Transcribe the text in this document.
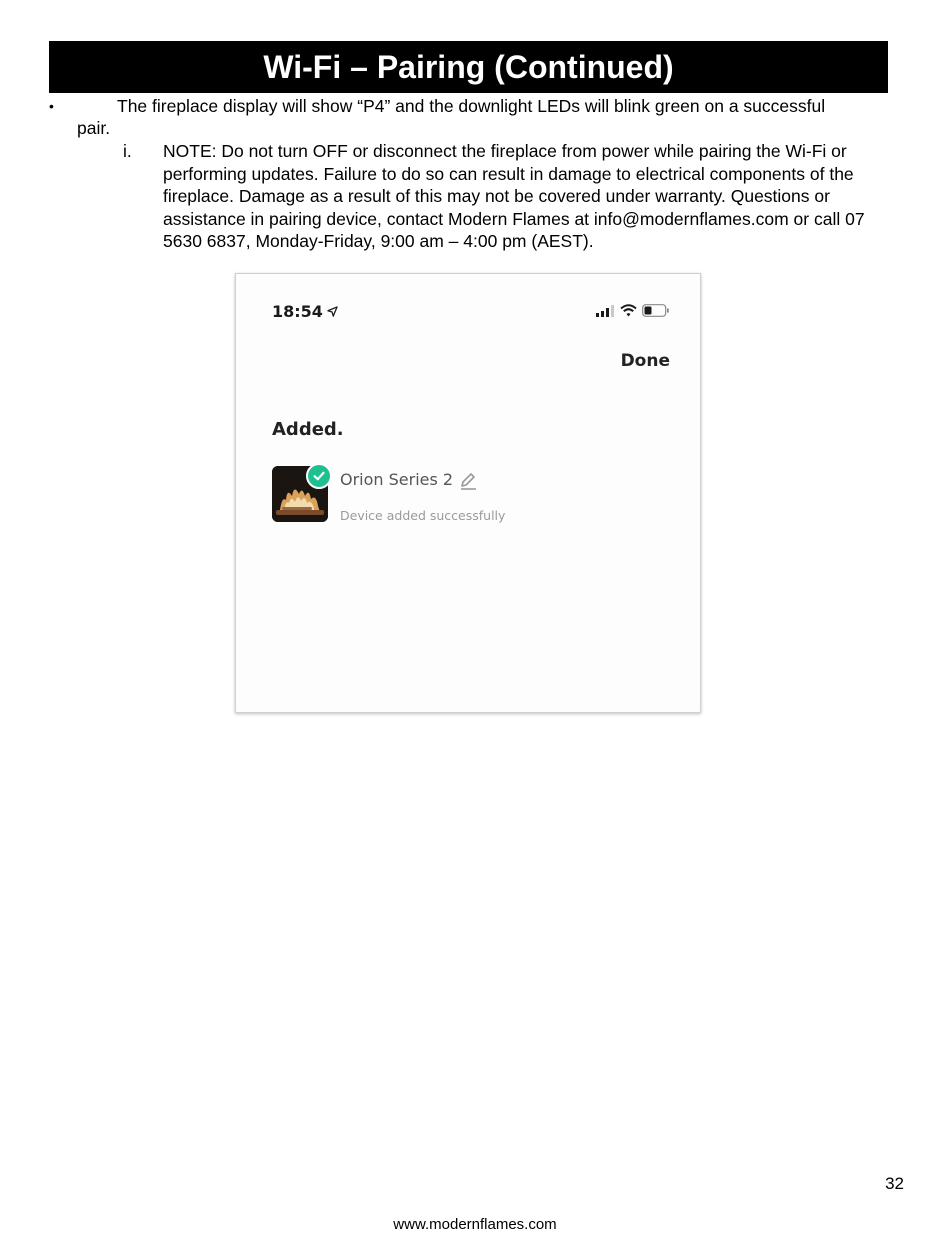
Wi-Fi – Pairing (Continued)
•	The fireplace display will show “P4” and the downlight LEDs will blink green on a successful
pair.
i. NOTE: Do not turn OFF or disconnect the fireplace from power while pairing the Wi-Fi or performing updates. Failure to do so can result in damage to electrical components of the fireplace. Damage as a result of this may not be covered under warranty. Questions or assistance in pairing device, contact Modern Flames at info@modernflames.com or call 07 5630 6837, Monday-Friday, 9:00 am – 4:00 pm (AEST).
18:54
Done
Added.
Orion Series 2
Device added successfully
32
www.modernflames.com
